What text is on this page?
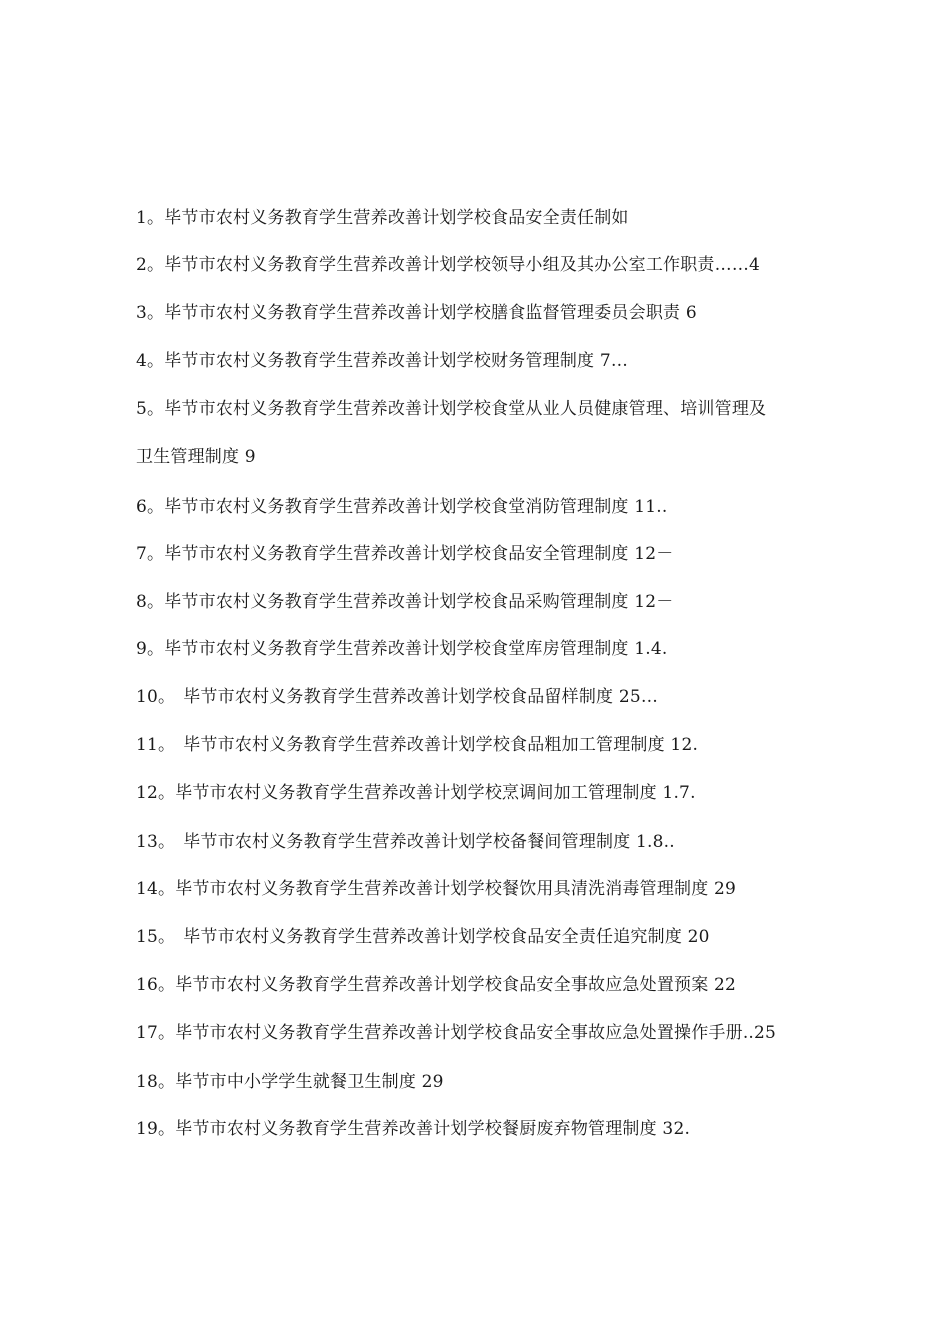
1。毕节市农村义务教育学生营养改善计划学校食品安全责任制如
2。毕节市农村义务教育学生营养改善计划学校领导小组及其办公室工作职责……4
3。毕节市农村义务教育学生营养改善计划学校膳食监督管理委员会职责 6
4。毕节市农村义务教育学生营养改善计划学校财务管理制度 7…
5。毕节市农村义务教育学生营养改善计划学校食堂从业人员健康管理、培训管理及
卫生管理制度 9
6。毕节市农村义务教育学生营养改善计划学校食堂消防管理制度 11..
7。毕节市农村义务教育学生营养改善计划学校食品安全管理制度 12－
8。毕节市农村义务教育学生营养改善计划学校食品采购管理制度 12－
9。毕节市农村义务教育学生营养改善计划学校食堂库房管理制度 1.4.
10。 毕节市农村义务教育学生营养改善计划学校食品留样制度 25…
11。 毕节市农村义务教育学生营养改善计划学校食品粗加工管理制度 12.
12。毕节市农村义务教育学生营养改善计划学校烹调间加工管理制度 1.7.
13。 毕节市农村义务教育学生营养改善计划学校备餐间管理制度 1.8..
14。毕节市农村义务教育学生营养改善计划学校餐饮用具清洗消毒管理制度 29
15。 毕节市农村义务教育学生营养改善计划学校食品安全责任追究制度 20
16。毕节市农村义务教育学生营养改善计划学校食品安全事故应急处置预案 22
17。毕节市农村义务教育学生营养改善计划学校食品安全事故应急处置操作手册..25
18。毕节市中小学学生就餐卫生制度 29
19。毕节市农村义务教育学生营养改善计划学校餐厨废弃物管理制度 32.
